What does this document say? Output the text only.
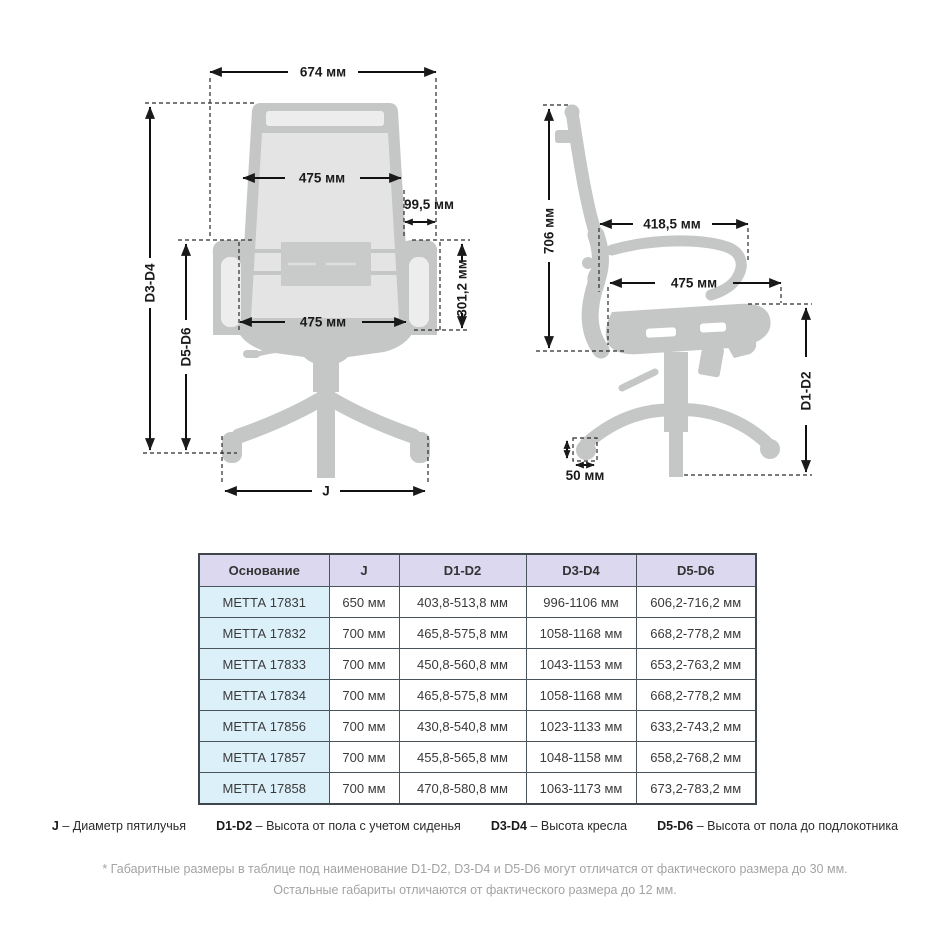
674 мм
D3-D4
D5-D6
475 мм
99,5 мм
301,2 мм
475 мм
J
706 мм	418,5 мм
475 мм
D1-D2
50 мм
Основание	J	D1-D2	D3-D4	D5-D6
МЕТТА 17831	650 мм	403,8-513,8 мм	996-1106 мм	606,2-716,2 мм
МЕТТА 17832	700 мм	465,8-575,8 мм	1058-1168 мм	668,2-778,2 мм
МЕТТА 17833	700 мм	450,8-560,8 мм	1043-1153 мм	653,2-763,2 мм
МЕТТА 17834	700 мм	465,8-575,8 мм	1058-1168 мм	668,2-778,2 мм
МЕТТА 17856	700 мм	430,8-540,8 мм	1023-1133 мм	633,2-743,2 мм
МЕТТА 17857	700 мм	455,8-565,8 мм	1048-1158 мм	658,2-768,2 мм
МЕТТА 17858	700 мм	470,8-580,8 мм	1063-1173 мм	673,2-783,2 мм
J – Диаметр пятилучья D1-D2 – Высота от пола с учетом сиденья D3-D4 – Высота кресла D5-D6 – Высота от пола до подлокотника
* Габаритные размеры в таблице под наименование D1-D2, D3-D4 и D5-D6 могут отличатся от фактического размера до 30 мм.
Остальные габариты отличаются от фактического размера до 12 мм.
